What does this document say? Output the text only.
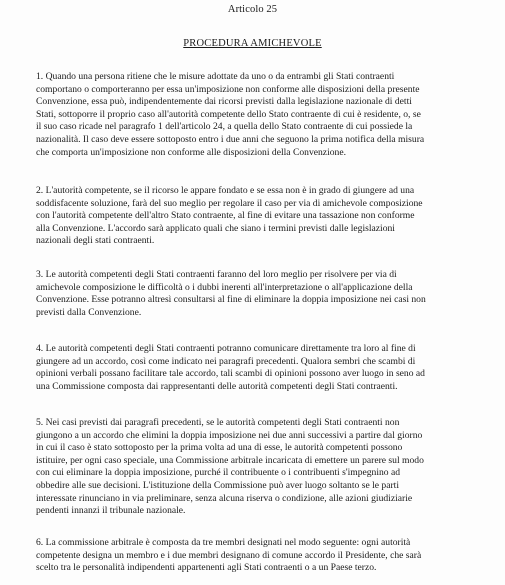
Articolo 25
PROCEDURA AMICHEVOLE
1. Quando una persona ritiene che le misure adottate da uno o da entrambi gli Stati contraenti
comportano o comporteranno per essa un'imposizione non conforme alle disposizioni della presente
Convenzione, essa può, indipendentemente dai ricorsi previsti dalla legislazione nazionale di detti
Stati, sottoporre il proprio caso all'autorità competente dello Stato contraente di cui è residente, o, se
il suo caso ricade nel paragrafo 1 dell'articolo 24, a quella dello Stato contraente di cui possiede la
nazionalità. Il caso deve essere sottoposto entro i due anni che seguono la prima notifica della misura
che comporta un'imposizione non conforme alle disposizioni della Convenzione.
2. L'autorità competente, se il ricorso le appare fondato e se essa non è in grado di giungere ad una
soddisfacente soluzione, farà del suo meglio per regolare il caso per via di amichevole composizione
con l'autorità competente dell'altro Stato contraente, al fine di evitare una tassazione non conforme
alla Convenzione. L'accordo sarà applicato quali che siano i termini previsti dalle legislazioni
nazionali degli stati contraenti.
3. Le autorità competenti degli Stati contraenti faranno del loro meglio per risolvere per via di
amichevole composizione le difficoltà o i dubbi inerenti all'interpretazione o all'applicazione della
Convenzione. Esse potranno altresì consultarsi al fine di eliminare la doppia imposizione nei casi non
previsti dalla Convenzione.
4. Le autorità competenti degli Stati contraenti potranno comunicare direttamente tra loro al fine di
giungere ad un accordo, così come indicato nei paragrafi precedenti. Qualora sembri che scambi di
opinioni verbali possano facilitare tale accordo, tali scambi di opinioni possono aver luogo in seno ad
una Commissione composta dai rappresentanti delle autorità competenti degli Stati contraenti.
5. Nei casi previsti dai paragrafi precedenti, se le autorità competenti degli Stati contraenti non
giungono a un accordo che elimini la doppia imposizione nei due anni successivi a partire dal giorno
in cui il caso è stato sottoposto per la prima volta ad una di esse, le autorità competenti possono
istituire, per ogni caso speciale, una Commissione arbitrale incaricata di emettere un parere sul modo
con cui eliminare la doppia imposizione, purché il contribuente o i contribuenti s'impegnino ad
obbedire alle sue decisioni. L'istituzione della Commissione può aver luogo soltanto se le parti
interessate rinunciano in via preliminare, senza alcuna riserva o condizione, alle azioni giudiziarie
pendenti innanzi il tribunale nazionale.
6. La commissione arbitrale è composta da tre membri designati nel modo seguente: ogni autorità
competente designa un membro e i due membri designano di comune accordo il Presidente, che sarà
scelto tra le personalità indipendenti appartenenti agli Stati contraenti o a un Paese terzo.
